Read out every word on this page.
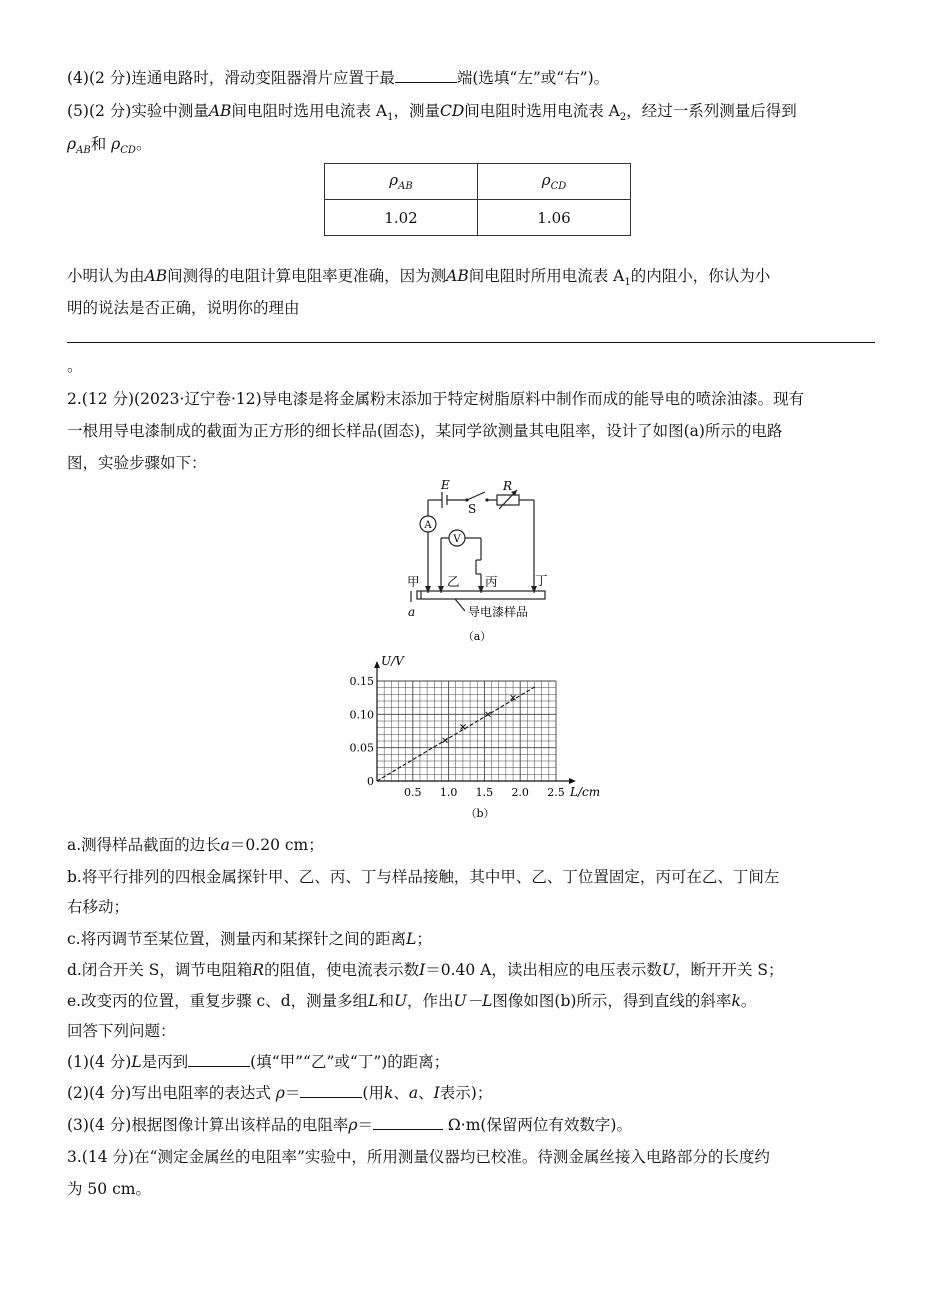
(4)(2 分)连通电路时，滑动变阻器滑片应置于最	端(选填“左”或“右”)。
(5)(2 分)实验中测量AB间电阻时选用电流表 $A_1$，测量CD间电阻时选用电流表 $A_2$，经过一系列测量后得到
$\rho_{AB}$和 $\rho_{CD}$。
$\rho_{AB}$	$\rho_{CD}$
1.02	1.06
小明认为由AB间测得的电阻计算电阻率更准确，因为测AB间电阻时所用电流表 $A_1$的内阻小，你认为小
明的说法是否正确，说明你的理由
。
2.(12 分)(2023·辽宁卷·12)导电漆是将金属粉末添加于特定树脂原料中制作而成的能导电的喷涂油漆。现有
一根用导电漆制成的截面为正方形的细长样品(固态)，某同学欲测量其电阻率，设计了如图(a)所示的电路
图，实验步骤如下：
E
S
R
A
V
甲 乙 丙	丁
a	导电漆样品
（a）
0.5 1.0 1.5 2.0 2.5
0.05
0.10
0.15
U/V
L/cm
0
（b）
a.测得样品截面的边长a＝0.20 cm；
b.将平行排列的四根金属探针甲、乙、丙、丁与样品接触，其中甲、乙、丁位置固定，丙可在乙、丁间左
右移动；
c.将丙调节至某位置，测量丙和某探针之间的距离L；
d.闭合开关 S，调节电阻箱R的阻值，使电流表示数I＝0.40 A，读出相应的电压表示数U，断开开关 S；
e.改变丙的位置，重复步骤 c、d，测量多组L和U，作出U－L图像如图(b)所示，得到直线的斜率k。
回答下列问题：
(1)(4 分)L是丙到	(填“甲”“乙”或“丁”)的距离；
(2)(4 分)写出电阻率的表达式 ρ＝	(用k、a、I表示)；
(3)(4 分)根据图像计算出该样品的电阻率ρ＝	Ω·m(保留两位有效数字)。
3.(14 分)在“测定金属丝的电阻率”实验中，所用测量仪器均已校准。待测金属丝接入电路部分的长度约
为 50 cm。
